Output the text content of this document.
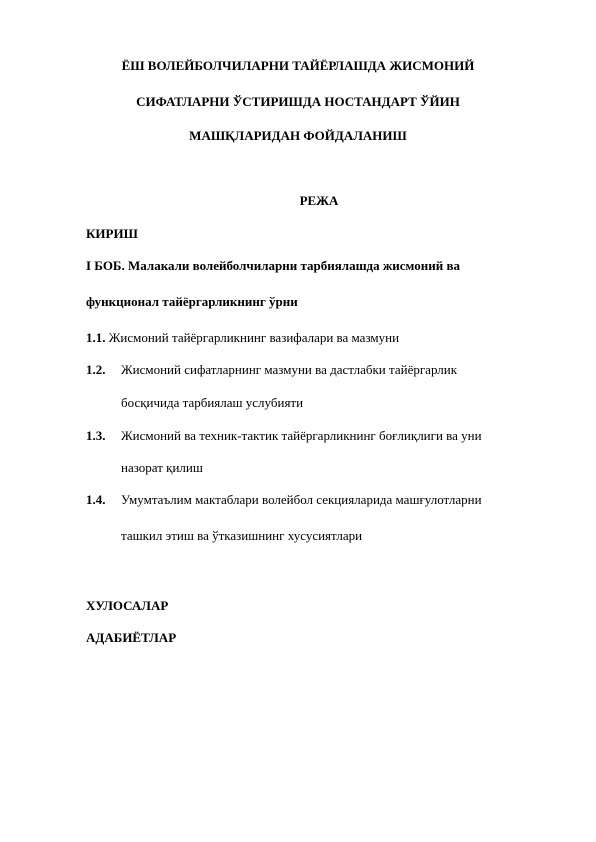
ЁШ ВОЛЕЙБОЛЧИЛАРНИ ТАЙЁРЛАШДА ЖИСМОНИЙ
СИФАТЛАРНИ ЎСТИРИШДА НОСТАНДАРТ ЎЙИН
МАШҚЛАРИДАН ФОЙДАЛАНИШ
РЕЖА
КИРИШ
I БОБ. Малакали волейболчиларни тарбиялашда жисмоний ва
функционал тайёргарликнинг ўрни
1.1. Жисмоний тайёргарликнинг вазифалари ва мазмуни
1.2. Жисмоний сифатларнинг мазмуни ва дастлабки тайёргарлик
босқичида тарбиялаш услубияти
1.3. Жисмоний ва техник-тактик тайёргарликнинг боғлиқлиги ва уни
назорат қилиш
1.4. Умумтаълим мактаблари волейбол секцияларида машғулотларни
ташкил этиш ва ўтказишнинг хусусиятлари
ХУЛОСАЛАР
АДАБИЁТЛАР
